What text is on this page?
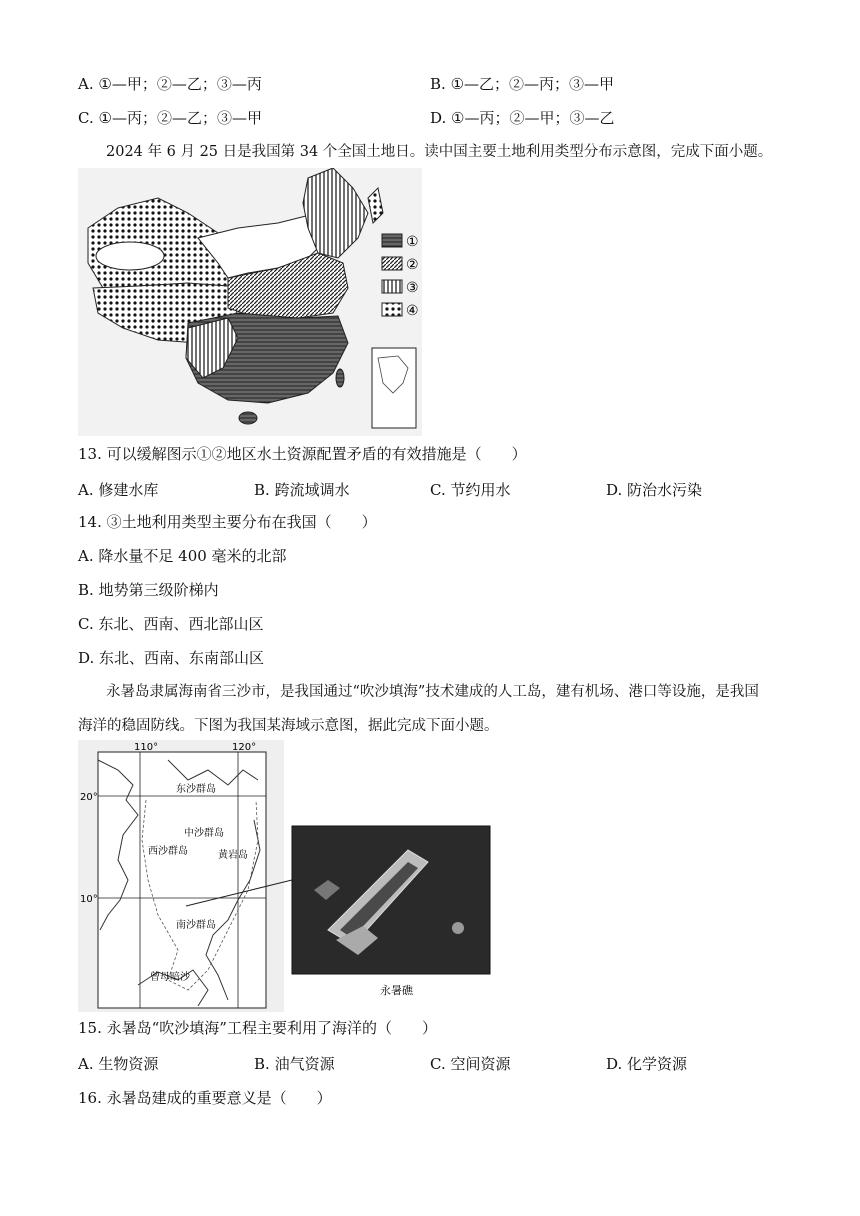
A. ①—甲；②—乙；③—丙	B. ①—乙；②—丙；③—甲
C. ①—丙；②—乙；③—甲	D. ①—丙；②—甲；③—乙
2024 年 6 月 25 日是我国第 34 个全国土地日。读中国主要土地利用类型分布示意图，完成下面小题。
①
②
③
④
13. 可以缓解图示①②地区水土资源配置矛盾的有效措施是（　　）
A. 修建水库	B. 跨流域调水	C. 节约用水	D. 防治水污染
14. ③土地利用类型主要分布在我国（　　）
A. 降水量不足 400 毫米的北部
B. 地势第三级阶梯内
C. 东北、西南、西北部山区
D. 东北、西南、东南部山区
永暑岛隶属海南省三沙市，是我国通过“吹沙填海”技术建成的人工岛，建有机场、港口等设施，是我国
海洋的稳固防线。下图为我国某海域示意图，据此完成下面小题。
110°	120°
20°
10°
东沙群岛
中沙群岛
西沙群岛	黄岩岛
南沙群岛
曾母暗沙
永暑礁
15. 永暑岛“吹沙填海”工程主要利用了海洋的（　　）
A. 生物资源	B. 油气资源	C. 空间资源	D. 化学资源
16. 永暑岛建成的重要意义是（　　）
